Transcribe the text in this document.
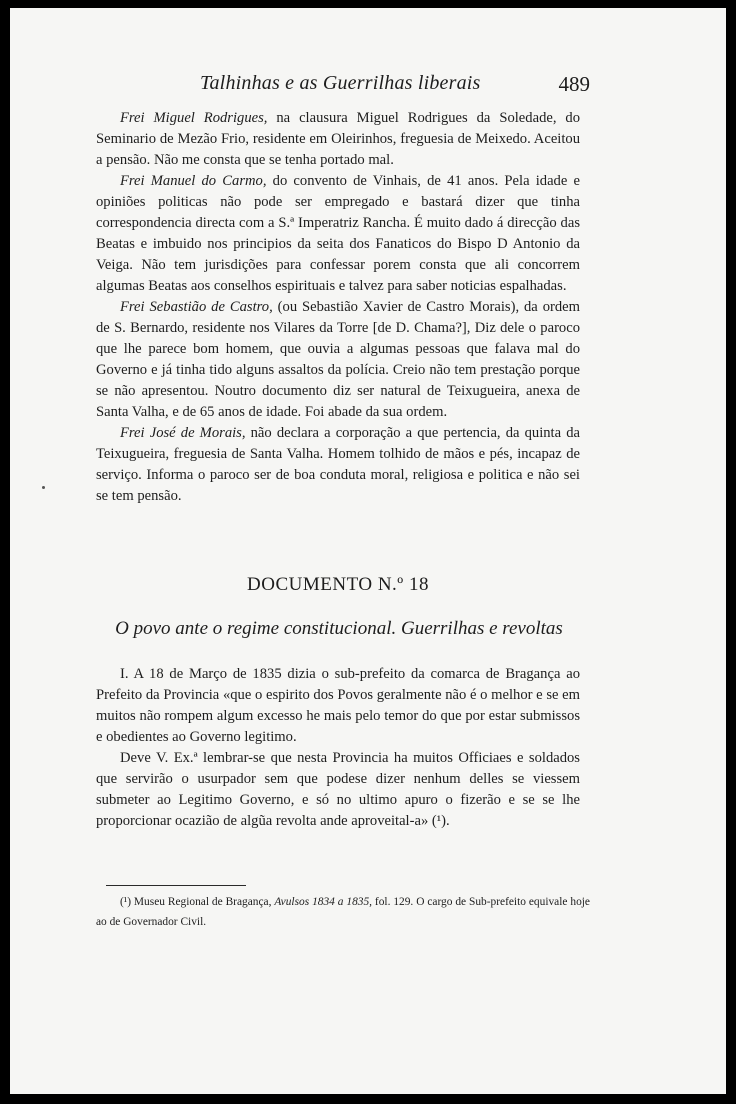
Talhinhas e as Guerrilhas liberais	489

Frei Miguel Rodrigues, na clausura Miguel Rodrigues da Soledade, do Seminario de Mezão Frio, residente em Oleirinhos, freguesia de Meixedo. Aceitou a pensão. Não me consta que se tenha portado mal.

Frei Manuel do Carmo, do convento de Vinhais, de 41 anos. Pela idade e opiniões politicas não pode ser empregado e bastará dizer que tinha correspondencia directa com a S.ª Imperatriz Rancha. É muito dado á direcção das Beatas e imbuido nos principios da seita dos Fanaticos do Bispo D Antonio da Veiga. Não tem jurisdições para confessar porem consta que ali concorrem algumas Beatas aos conselhos espirituais e talvez para saber noticias espalhadas.

Frei Sebastião de Castro, (ou Sebastião Xavier de Castro Morais), da ordem de S. Bernardo, residente nos Vilares da Torre [de D. Chama?], Diz dele o paroco que lhe parece bom homem, que ouvia a algumas pessoas que falava mal do Governo e já tinha tido alguns assaltos da polícia. Creio não tem prestação porque se não apresentou. Noutro documento diz ser natural de Teixugueira, anexa de Santa Valha, e de 65 anos de idade. Foi abade da sua ordem.

Frei José de Morais, não declara a corporação a que pertencia, da quinta da Teixugueira, freguesia de Santa Valha. Homem tolhido de mãos e pés, incapaz de serviço. Informa o paroco ser de boa conduta moral, religiosa e politica e não sei se tem pensão.

DOCUMENTO N.º 18
O povo ante o regime constitucional. Guerrilhas e revoltas

I. A 18 de Março de 1835 dizia o sub-prefeito da comarca de Bragança ao Prefeito da Provincia «que o espirito dos Povos geralmente não é o melhor e se em muitos não rompem algum excesso he mais pelo temor do que por estar submissos e obedientes ao Governo legitimo.

Deve V. Ex.ª lembrar-se que nesta Provincia ha muitos Officiaes e soldados que servirão o usurpador sem que podese dizer nenhum delles se viessem submeter ao Legitimo Governo, e só no ultimo apuro o fizerão e se se lhe proporcionar ocazião de algũa revolta ande aproveital-a» (¹).

(¹) Museu Regional de Bragança, Avulsos 1834 a 1835, fol. 129. O cargo de Sub-prefeito equivale hoje ao de Governador Civil.
